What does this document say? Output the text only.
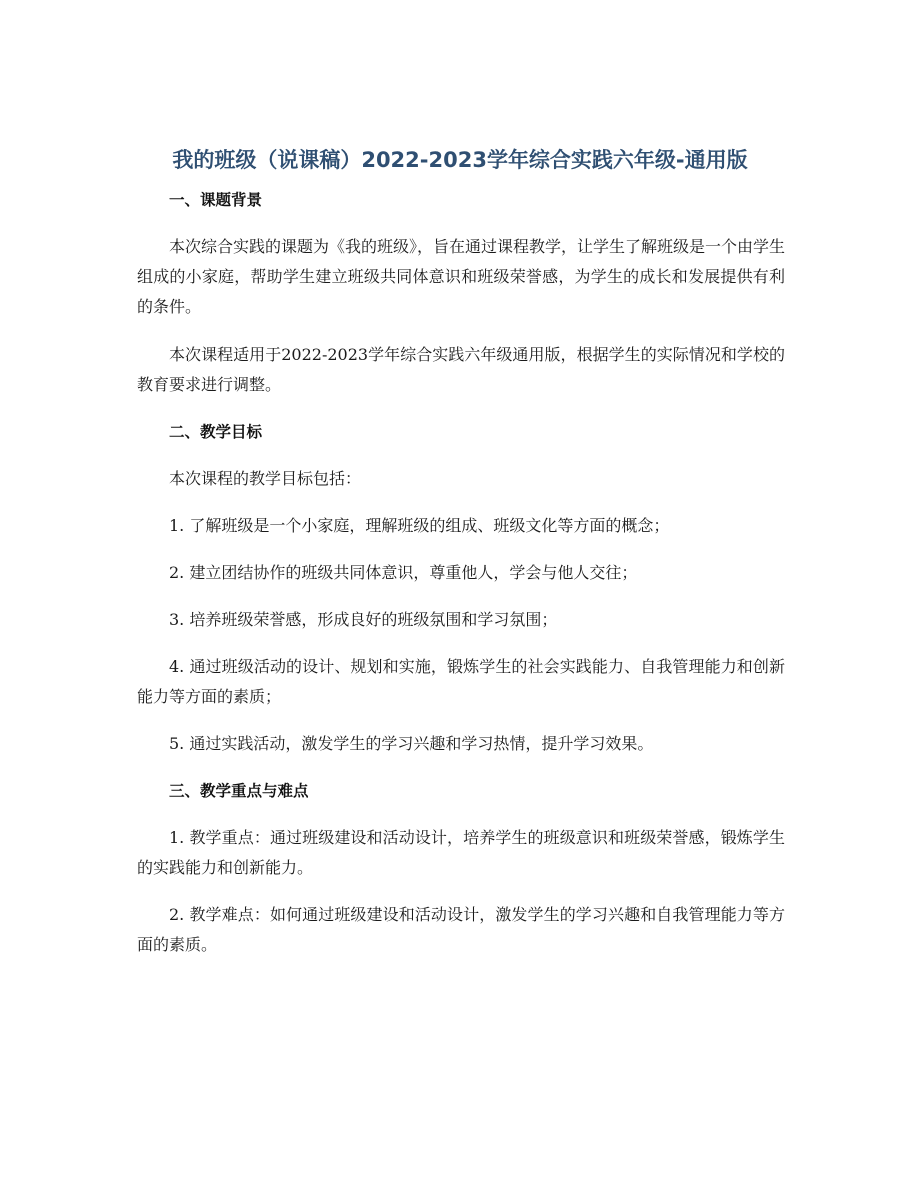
我的班级（说课稿）2022-2023学年综合实践六年级-通用版
一、课题背景

本次综合实践的课题为《我的班级》，旨在通过课程教学，让学生了解班级是一个由学生组成的小家庭，帮助学生建立班级共同体意识和班级荣誉感，为学生的成长和发展提供有利的条件。

本次课程适用于2022-2023学年综合实践六年级通用版，根据学生的实际情况和学校的教育要求进行调整。

二、教学目标

本次课程的教学目标包括：

1. 了解班级是一个小家庭，理解班级的组成、班级文化等方面的概念；

2. 建立团结协作的班级共同体意识，尊重他人，学会与他人交往；

3. 培养班级荣誉感，形成良好的班级氛围和学习氛围；

4. 通过班级活动的设计、规划和实施，锻炼学生的社会实践能力、自我管理能力和创新能力等方面的素质；

5. 通过实践活动，激发学生的学习兴趣和学习热情，提升学习效果。

三、教学重点与难点

1. 教学重点：通过班级建设和活动设计，培养学生的班级意识和班级荣誉感，锻炼学生的实践能力和创新能力。

2. 教学难点：如何通过班级建设和活动设计，激发学生的学习兴趣和自我管理能力等方面的素质。
